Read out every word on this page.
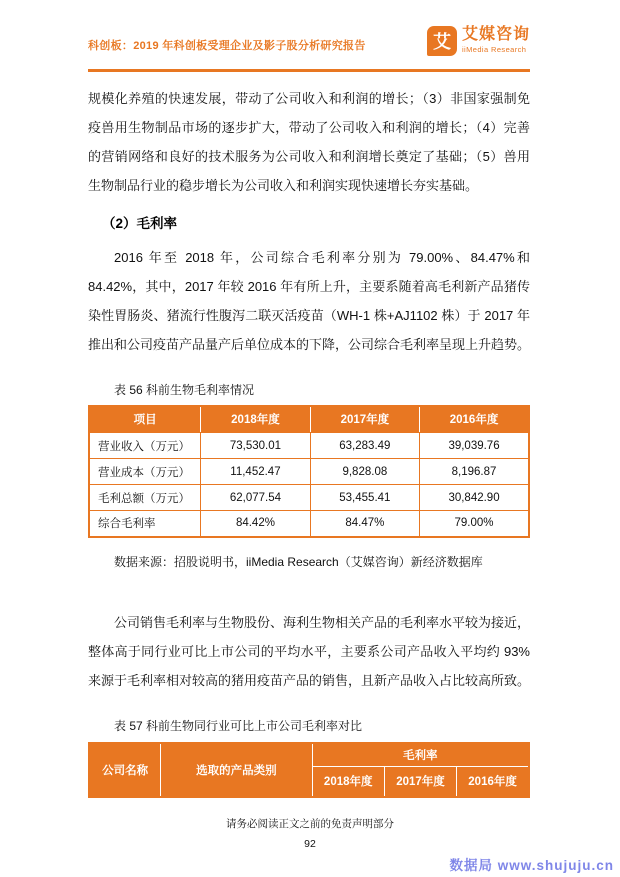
科创板：2019 年科创板受理企业及影子股分析研究报告	艾 艾媒咨询
iiMedia Research

规模化养殖的快速发展，带动了公司收入和利润的增长；（3）非国家强制免疫兽用生物制品市场的逐步扩大，带动了公司收入和利润的增长；（4）完善的营销网络和良好的技术服务为公司收入和利润增长奠定了基础；（5）兽用生物制品行业的稳步增长为公司收入和利润实现快速增长夯实基础。

（2）毛利率

2016 年至 2018 年，公司综合毛利率分别为 79.00%、84.47%和 84.42%，其中，2017 年较 2016 年有所上升，主要系随着高毛利新产品猪传染性胃肠炎、猪流行性腹泻二联灭活疫苗（WH-1 株+AJ1102 株）于 2017 年推出和公司疫苗产品量产后单位成本的下降，公司综合毛利率呈现上升趋势。

表 56 科前生物毛利率情况
项目	2018年度	2017年度	2016年度
营业收入（万元）	73,530.01	63,283.49	39,039.76
营业成本（万元）	11,452.47	9,828.08	8,196.87
毛利总额（万元）	62,077.54	53,455.41	30,842.90
综合毛利率	84.42%	84.47%	79.00%
数据来源：招股说明书，iiMedia Research（艾媒咨询）新经济数据库

公司销售毛利率与生物股份、海利生物相关产品的毛利率水平较为接近，整体高于同行业可比上市公司的平均水平，主要系公司产品收入平均约 93%来源于毛利率相对较高的猪用疫苗产品的销售，且新产品收入占比较高所致。

表 57 科前生物同行业可比上市公司毛利率对比
公司名称	选取的产品类别	毛利率		
		2018年度	2017年度	2016年度
请务必阅读正文之前的免责声明部分
92
数据局 www.shujuju.cn
